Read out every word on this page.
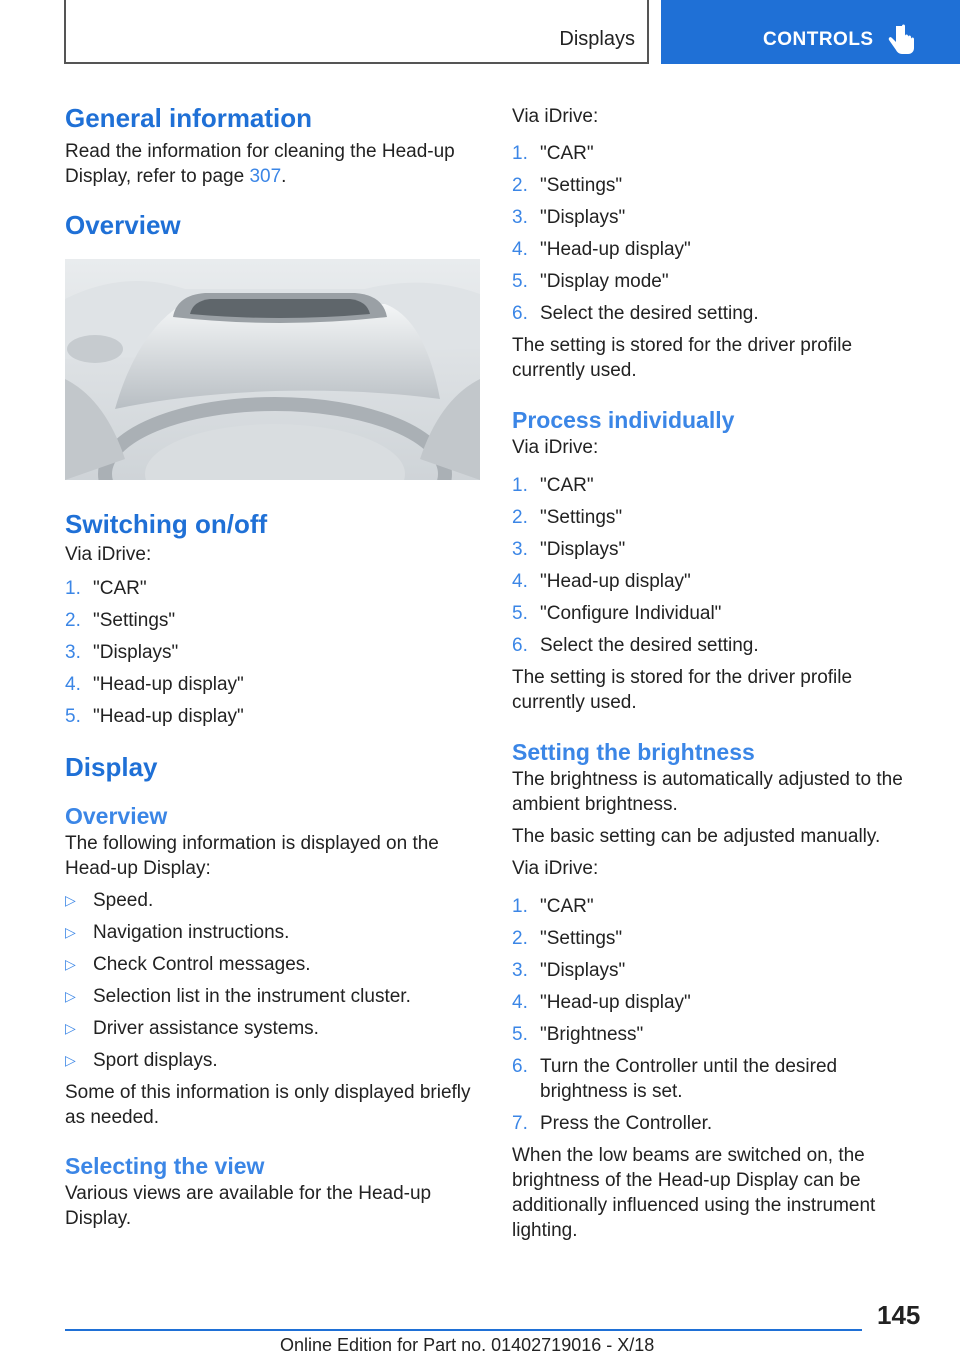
Displays	CONTROLS
General information

Read the information for cleaning the Head-up Display, refer to page 307.

Overview
Switching on/off

Via iDrive:

1. "CAR"
2. "Settings"
3. "Displays"
4. "Head-up display"
5. "Head-up display"
Display
Overview

The following information is displayed on the Head-up Display:

▷ Speed.
▷ Navigation instructions.
▷ Check Control messages.
▷ Selection list in the instrument cluster.
▷ Driver assistance systems.
▷ Sport displays.

Some of this information is only displayed briefly as needed.

Selecting the view

Various views are available for the Head-up Display.

Via iDrive:

1. "CAR"
2. "Settings"
3. "Displays"
4. "Head-up display"
5. "Display mode"
6. Select the desired setting.

The setting is stored for the driver profile currently used.

Process individually

Via iDrive:

1. "CAR"
2. "Settings"
3. "Displays"
4. "Head-up display"
5. "Configure Individual"
6. Select the desired setting.

The setting is stored for the driver profile currently used.

Setting the brightness

The brightness is automatically adjusted to the ambient brightness.

The basic setting can be adjusted manually.

Via iDrive:

1. "CAR"
2. "Settings"
3. "Displays"
4. "Head-up display"
5. "Brightness"
6. Turn the Controller until the desired brightness is set.
7. Press the Controller.

When the low beams are switched on, the brightness of the Head-up Display can be additionally influenced using the instrument lighting.

145
Online Edition for Part no. 01402719016 - X/18
